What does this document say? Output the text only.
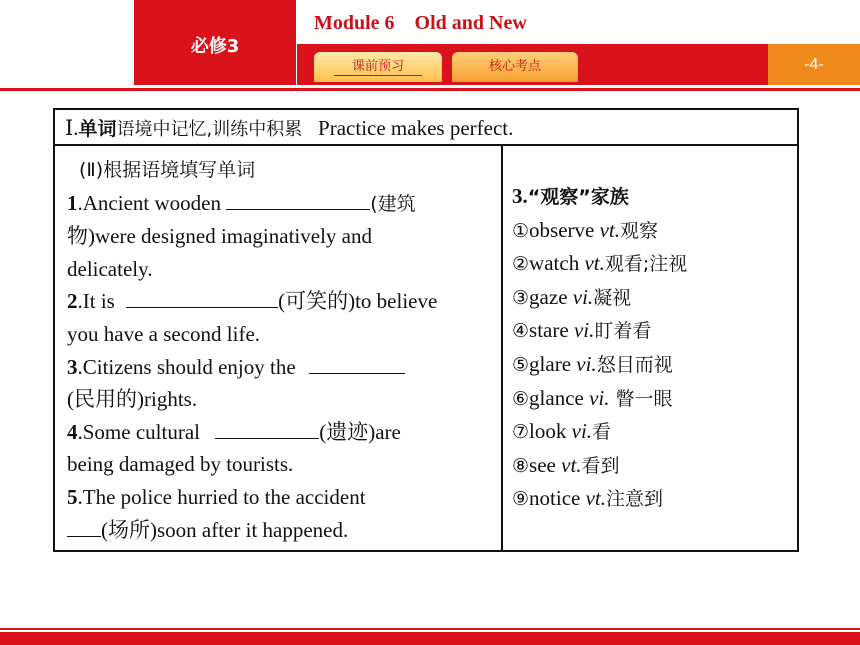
必修3
Module 6    Old and New
课前预习	核心考点	-4-
Ⅰ.单词语境中记忆,训练中积累 Practice makes perfect.
(Ⅱ)根据语境填写单词
1.Ancient wooden	(建筑
物)were designed imaginatively and
delicately.
2.It is	(可笑的)to believe
you have a second life.
3.Citizens should enjoy the
(民用的)rights.
4.Some cultural	(遗迹)are
being damaged by tourists.
5.The police hurried to the accident
(场所)soon after it happened.
3.“观察”家族
①observe vt.观察
②watch vt.观看;注视
③gaze vi.凝视
④stare vi.盯着看
⑤glare vi.怒目而视
⑥glance vi. 瞥一眼
⑦look vi.看
⑧see vt.看到
⑨notice vt.注意到
